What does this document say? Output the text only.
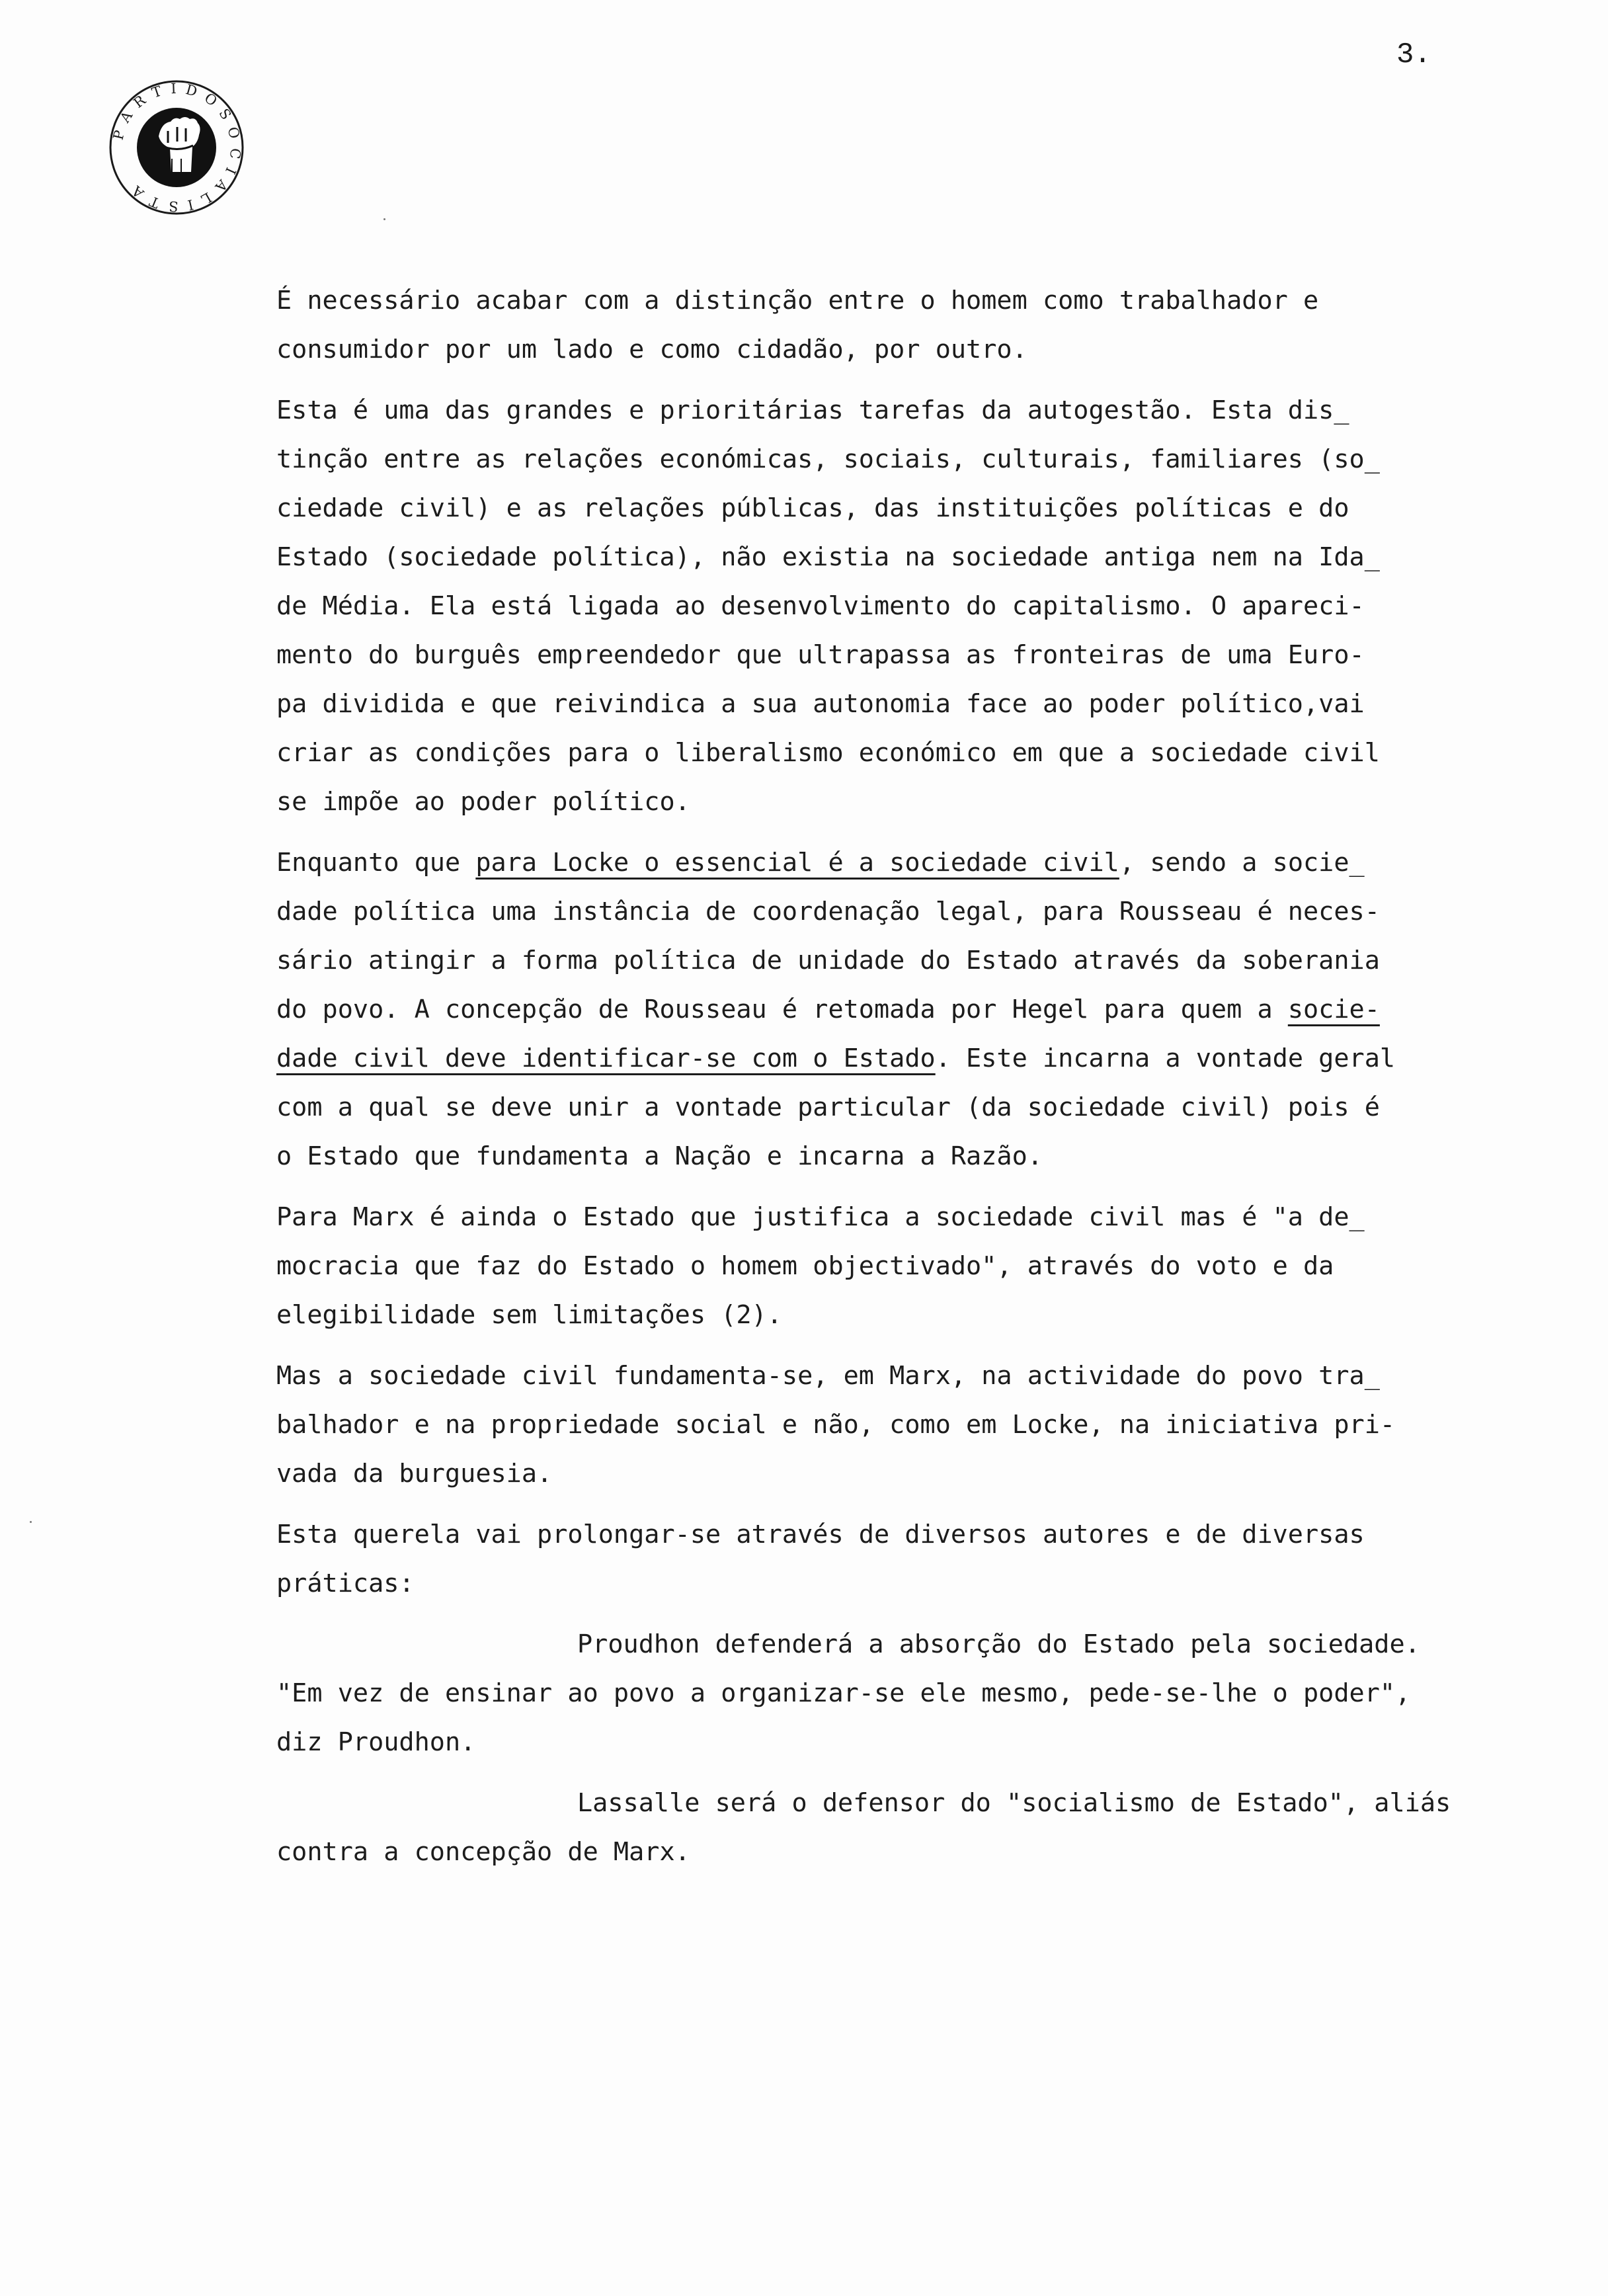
3.
P A R T I D O S O C I A L I S T A
É necessário acabar com a distinção entre o homem como trabalhador e
consumidor por um lado e como cidadão, por outro.
Esta é uma das grandes e prioritárias tarefas da autogestão. Esta dis_
tinção entre as relações económicas, sociais, culturais, familiares (so_
ciedade civil) e as relações públicas, das instituições políticas e do
Estado (sociedade política), não existia na sociedade antiga nem na Ida_
de Média. Ela está ligada ao desenvolvimento do capitalismo. O apareci-
mento do burguês empreendedor que ultrapassa as fronteiras de uma Euro-
pa dividida e que reivindica a sua autonomia face ao poder político,vai
criar as condições para o liberalismo económico em que a sociedade civil
se impõe ao poder político.
Enquanto que para Locke o essencial é a sociedade civil, sendo a socie_
dade política uma instância de coordenação legal, para Rousseau é neces-
sário atingir a forma política de unidade do Estado através da soberania
do povo. A concepção de Rousseau é retomada por Hegel para quem a socie-
dade civil deve identificar-se com o Estado. Este incarna a vontade geral
com a qual se deve unir a vontade particular (da sociedade civil) pois é
o Estado que fundamenta a Nação e incarna a Razão.
Para Marx é ainda o Estado que justifica a sociedade civil mas é "a de_
mocracia que faz do Estado o homem objectivado", através do voto e da
elegibilidade sem limitações (2).
Mas a sociedade civil fundamenta-se, em Marx, na actividade do povo tra_
balhador e na propriedade social e não, como em Locke, na iniciativa pri-
vada da burguesia.
Esta querela vai prolongar-se através de diversos autores e de diversas
práticas:
Proudhon defenderá a absorção do Estado pela sociedade.
"Em vez de ensinar ao povo a organizar-se ele mesmo, pede-se-lhe o poder",
diz Proudhon.
Lassalle será o defensor do "socialismo de Estado", aliás
contra a concepção de Marx.
